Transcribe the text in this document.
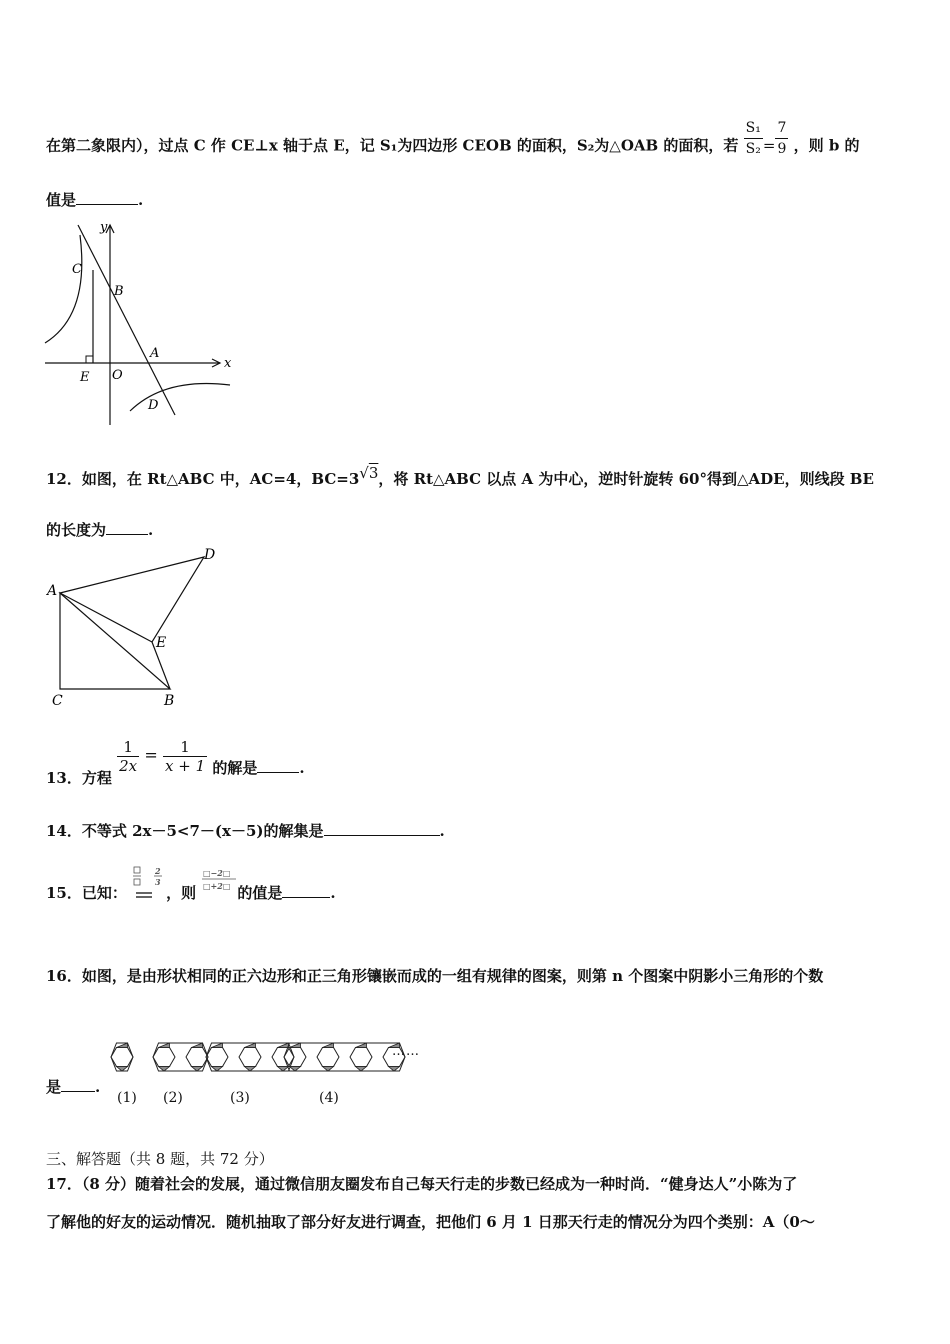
在第二象限内），过点 C 作 CE⊥x 轴于点 E，记 S₁为四边形 CEOB 的面积，S₂为△OAB 的面积，若 $\frac{\text{S₁}}{\text{S₂}} = \frac{7}{9}$ ，则 b 的
值是	.
y
x
C
B
A
E O
D
12．如图，在 Rt△ABC 中，AC=4，BC=3√3，将 Rt△ABC 以点 A 为中心，逆时针旋转 60°得到△ADE，则线段 BE
的长度为	.
A
D
E
C	B
13．方程
$\frac{1}{2x} = \frac{1}{x + 1}$ 的解是	.
14．不等式 2x－5<7－(x－5)的解集是	.
15．已知：
2
3
，则
□−2□
□+2□ 的值是	.
16．如图，是由形状相同的正六边形和正三角形镶嵌而成的一组有规律的图案，则第 n 个图案中阴影小三角形的个数
是 .
(1) (2)	(3)	(4)
……
三、解答题（共 8 题，共 72 分）
17．（8 分）随着社会的发展，通过微信朋友圈发布自己每天行走的步数已经成为一种时尚．“健身达人”小陈为了
了解他的好友的运动情况．随机抽取了部分好友进行调查，把他们 6 月 1 日那天行走的情况分为四个类别：A（0～
